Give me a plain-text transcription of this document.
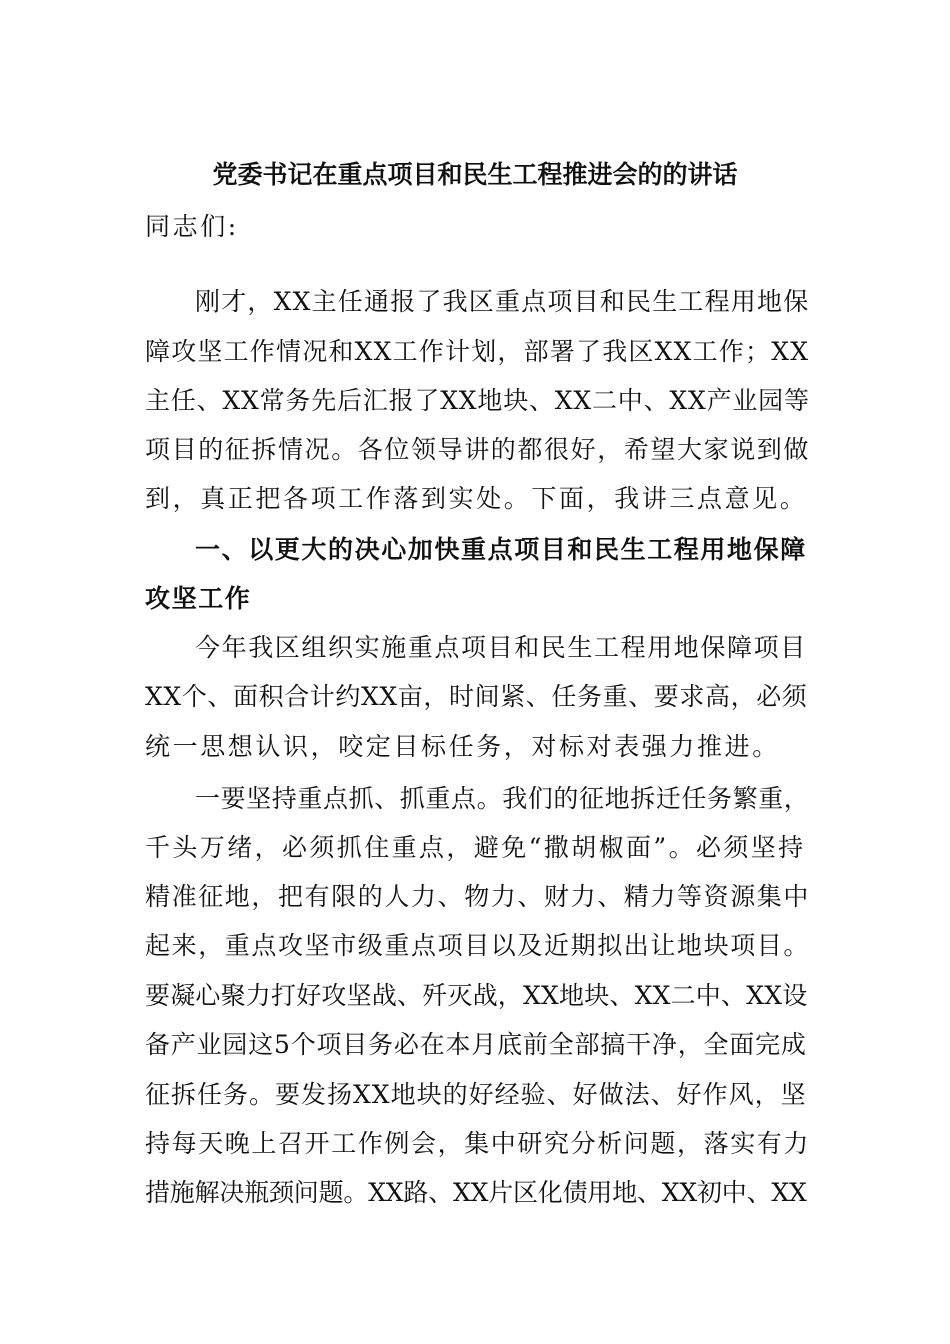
党委书记在重点项目和民生工程推进会的的讲话
同志们:
刚才，XX主任通报了我区重点项目和民生工程用地保
障攻坚工作情况和XX工作计划，部署了我区XX工作；XX
主任、XX常务先后汇报了XX地块、XX二中、XX产业园等
项目的征拆情况。各位领导讲的都很好，希望大家说到做
到，真正把各项工作落到实处。下面，我讲三点意见。
一、以更大的决心加快重点项目和民生工程用地保障
攻坚工作
今年我区组织实施重点项目和民生工程用地保障项目
XX个、面积合计约XX亩，时间紧、任务重、要求高，必须
统一思想认识，咬定目标任务，对标对表强力推进。
一要坚持重点抓、抓重点。我们的征地拆迁任务繁重，
千头万绪，必须抓住重点，避免“撒胡椒面”。必须坚持
精准征地，把有限的人力、物力、财力、精力等资源集中
起来，重点攻坚市级重点项目以及近期拟出让地块项目。
要凝心聚力打好攻坚战、歼灭战，XX地块、XX二中、XX设
备产业园这5个项目务必在本月底前全部搞干净，全面完成
征拆任务。要发扬XX地块的好经验、好做法、好作风，坚
持每天晚上召开工作例会，集中研究分析问题，落实有力
措施解决瓶颈问题。XX路、XX片区化债用地、XX初中、XX
